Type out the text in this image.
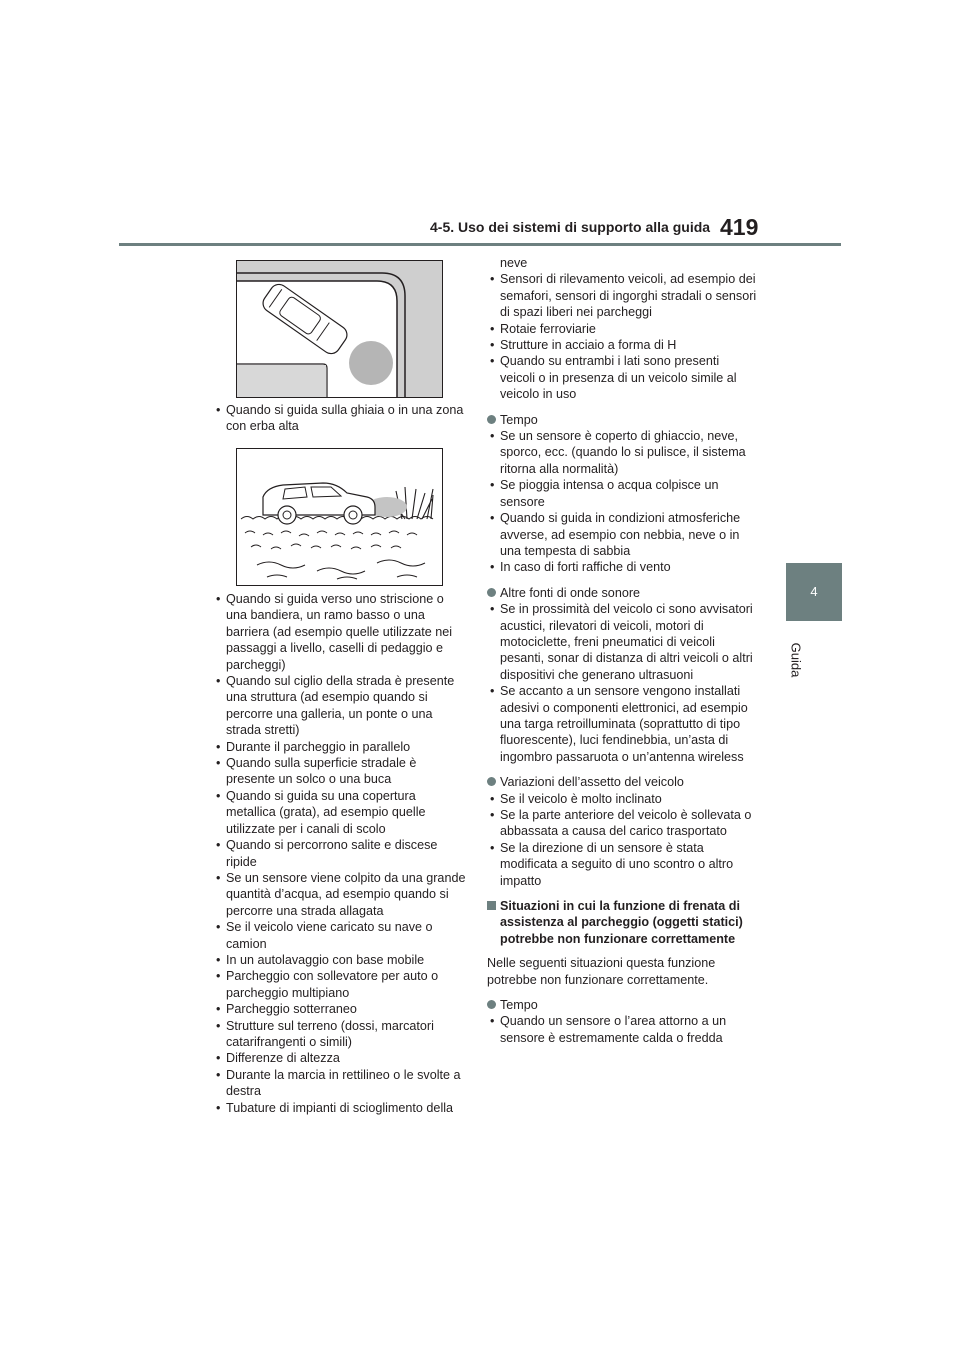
4-5. Uso dei sistemi di supporto alla guida 419
4
Guida
• Quando si guida sulla ghiaia o in una zona con erba alta
• Quando si guida verso uno striscione o una bandiera, un ramo basso o una barriera (ad esempio quelle utilizzate nei passaggi a livello, caselli di pedaggio e parcheggi)
• Quando sul ciglio della strada è presente una struttura (ad esempio quando si percorre una galleria, un ponte o una strada stretti)
• Durante il parcheggio in parallelo
• Quando sulla superficie stradale è presente un solco o una buca
• Quando si guida su una copertura metallica (grata), ad esempio quelle utilizzate per i canali di scolo
• Quando si percorrono salite e discese ripide
• Se un sensore viene colpito da una grande quantità d’acqua, ad esempio quando si percorre una strada allagata
• Se il veicolo viene caricato su nave o camion
• In un autolavaggio con base mobile
• Parcheggio con sollevatore per auto o parcheggio multipiano
• Parcheggio sotterraneo
• Strutture sul terreno (dossi, marcatori catarifrangenti o simili)
• Differenze di altezza
• Durante la marcia in rettilineo o le svolte a destra
• Tubature di impianti di scioglimento della
neve
• Sensori di rilevamento veicoli, ad esempio dei semafori, sensori di ingorghi stradali o sensori di spazi liberi nei parcheggi
• Rotaie ferroviarie
• Strutture in acciaio a forma di H
• Quando su entrambi i lati sono presenti veicoli o in presenza di un veicolo simile al veicolo in uso
Tempo
• Se un sensore è coperto di ghiaccio, neve, sporco, ecc. (quando lo si pulisce, il sistema ritorna alla normalità)
• Se pioggia intensa o acqua colpisce un sensore
• Quando si guida in condizioni atmosferiche avverse, ad esempio con nebbia, neve o in una tempesta di sabbia
• In caso di forti raffiche di vento
Altre fonti di onde sonore
• Se in prossimità del veicolo ci sono avvisatori acustici, rilevatori di veicoli, motori di motociclette, freni pneumatici di veicoli pesanti, sonar di distanza di altri veicoli o altri dispositivi che generano ultrasuoni
• Se accanto a un sensore vengono installati adesivi o componenti elettronici, ad esempio una targa retroilluminata (soprattutto di tipo fluorescente), luci fendinebbia, un’asta di ingombro passaruota o un’antenna wireless
Variazioni dell’assetto del veicolo
• Se il veicolo è molto inclinato
• Se la parte anteriore del veicolo è sollevata o abbassata a causa del carico trasportato
• Se la direzione di un sensore è stata modificata a seguito di uno scontro o altro impatto
Situazioni in cui la funzione di frenata di assistenza al parcheggio (oggetti statici) potrebbe non funzionare correttamente
Nelle seguenti situazioni questa funzione potrebbe non funzionare correttamente.
Tempo
• Quando un sensore o l’area attorno a un sensore è estremamente calda o fredda
